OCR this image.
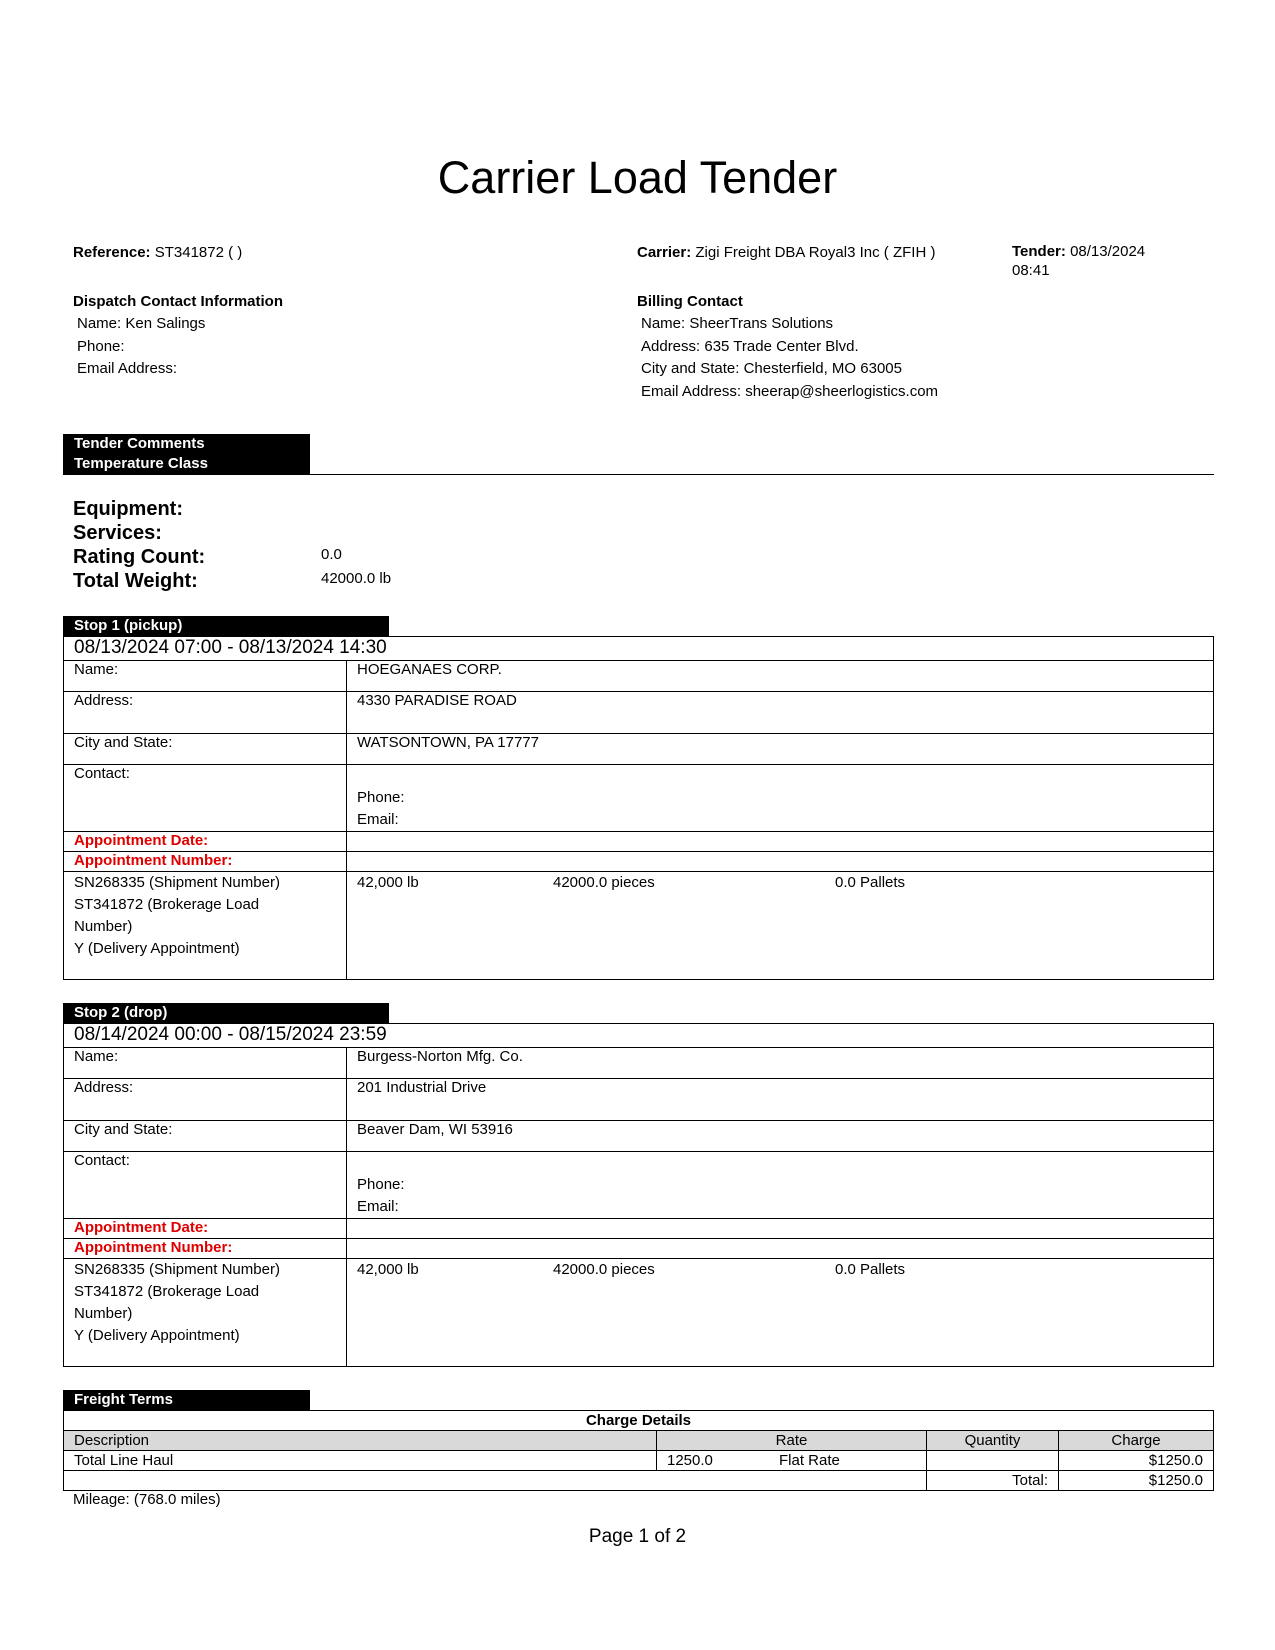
Carrier Load Tender
Reference: ST341872 ( )	Carrier: Zigi Freight DBA Royal3 Inc ( ZFIH )	Tender: 08/13/2024
08:41
Dispatch Contact Information
Name: Ken Salings
Phone:
Email Address:
Billing Contact
Name: SheerTrans Solutions
Address: 635 Trade Center Blvd.
City and State: Chesterfield, MO 63005
Email Address: sheerap@sheerlogistics.com
Tender Comments
Temperature Class
Equipment:
Services:
Rating Count:	0.0
Total Weight:	42000.0 lb
Stop 1 (pickup)
08/13/2024 07:00 - 08/13/2024 14:30	
Name:	HOEGANAES CORP.
Address:	4330 PARADISE ROAD
City and State:	WATSONTOWN, PA 17777
Contact:	Phone:
Email:
Appointment Date:	
Appointment Number:	
SN268335 (Shipment Number)
ST341872 (Brokerage Load
Number)
Y (Delivery Appointment)	42,000 lb 42000.0 pieces 0.0 Pallets
Stop 2 (drop)
08/14/2024 00:00 - 08/15/2024 23:59	
Name:	Burgess-Norton Mfg. Co.
Address:	201 Industrial Drive
City and State:	Beaver Dam, WI 53916
Contact:	Phone:
Email:
Appointment Date:	
Appointment Number:	
SN268335 (Shipment Number)
ST341872 (Brokerage Load
Number)
Y (Delivery Appointment)	42,000 lb 42000.0 pieces 0.0 Pallets
Freight Terms
Charge Details			
Description	Rate	Quantity	Charge
Total Line Haul	1250.0 Flat Rate		$1250.0
		Total:	$1250.0
Mileage: (768.0 miles)
Page 1 of 2
